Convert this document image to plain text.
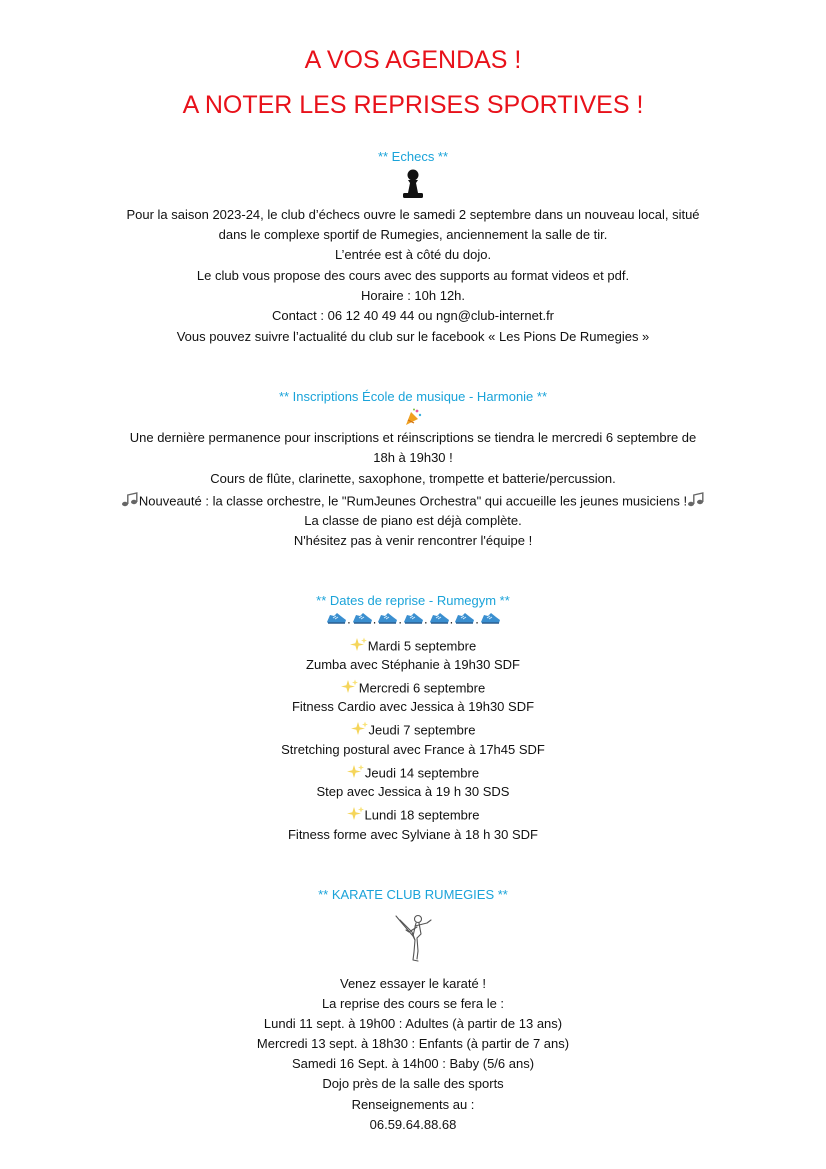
A VOS AGENDAS !
A NOTER LES REPRISES SPORTIVES !
** Echecs **
Pour la saison 2023-24, le club d’échecs ouvre le samedi 2 septembre dans un nouveau local, situé
dans le complexe sportif de Rumegies, anciennement la salle de tir.
L’entrée est à côté du dojo.
Le club vous propose des cours avec des supports au format videos et pdf.
Horaire : 10h 12h.
Contact : 06 12 40 49 44 ou ngn@club-internet.fr
Vous pouvez suivre l’actualité du club sur le facebook « Les Pions De Rumegies »
** Inscriptions École de musique - Harmonie **
Une dernière permanence pour inscriptions et réinscriptions se tiendra le mercredi 6 septembre de
18h à 19h30 !
Cours de flûte, clarinette, saxophone, trompette et batterie/percussion.
Nouveauté : la classe orchestre, le "RumJeunes Orchestra" qui accueille les jeunes musiciens !
La classe de piano est déjà complète.
N'hésitez pas à venir rencontrer l'équipe !
** Dates de reprise - Rumegym **
. . . . . .
Mardi 5 septembre
Zumba avec Stéphanie à 19h30 SDF
Mercredi 6 septembre
Fitness Cardio avec Jessica à 19h30 SDF
Jeudi 7 septembre
Stretching postural avec France à 17h45 SDF
Jeudi 14 septembre
Step avec Jessica à 19 h 30 SDS
Lundi 18 septembre
Fitness forme avec Sylviane à 18 h 30 SDF
** KARATE CLUB RUMEGIES **
Venez essayer le karaté !
La reprise des cours se fera le :
Lundi 11 sept. à 19h00 : Adultes (à partir de 13 ans)
Mercredi 13 sept. à 18h30 : Enfants (à partir de 7 ans)
Samedi 16 Sept. à 14h00 : Baby (5/6 ans)
Dojo près de la salle des sports
Renseignements au :
06.59.64.88.68
